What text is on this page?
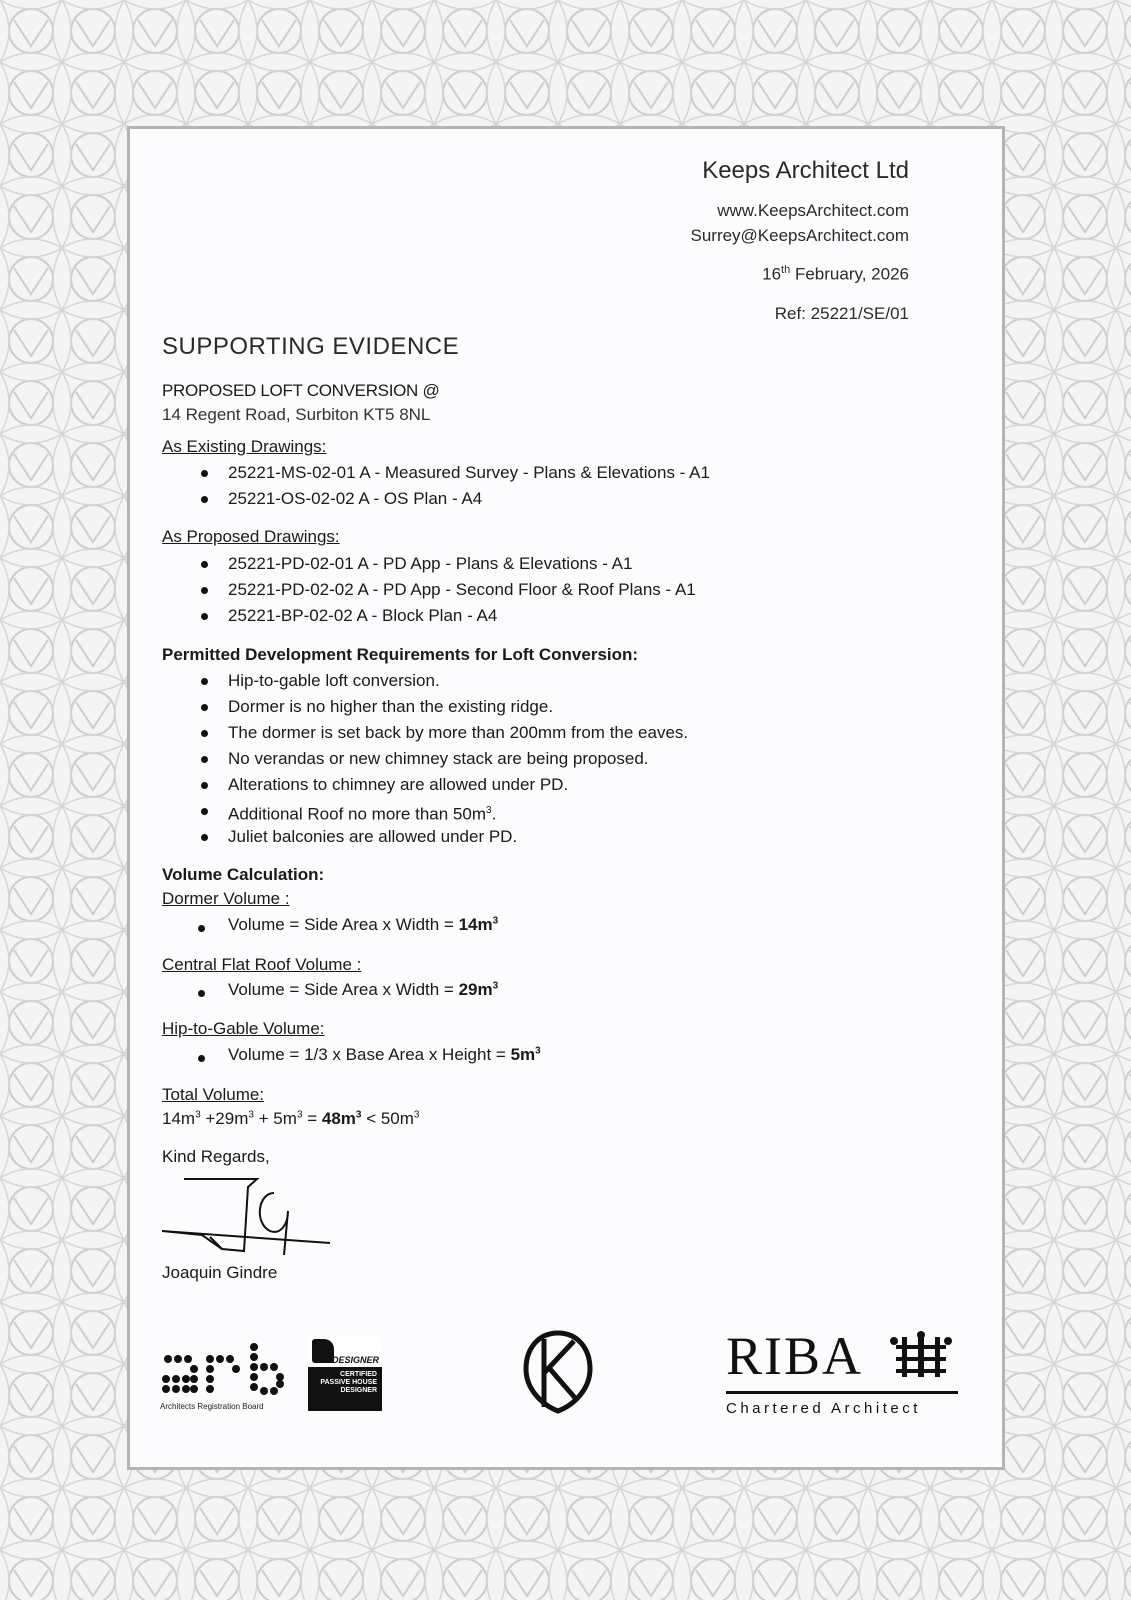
Keeps Architect Ltd

www.KeepsArchitect.com

Surrey@KeepsArchitect.com

16th February, 2026

Ref: 25221/SE/01

SUPPORTING EVIDENCE

PROPOSED LOFT CONVERSION @

14 Regent Road, Surbiton KT5 8NL

As Existing Drawings:

25221-MS-02-01 A - Measured Survey - Plans & Elevations - A1
25221-OS-02-02 A - OS Plan - A4

As Proposed Drawings:

25221-PD-02-01 A - PD App - Plans & Elevations - A1
25221-PD-02-02 A - PD App - Second Floor & Roof Plans - A1
25221-BP-02-02 A - Block Plan - A4

Permitted Development Requirements for Loft Conversion:

Hip-to-gable loft conversion.
Dormer is no higher than the existing ridge.
The dormer is set back by more than 200mm from the eaves.
No verandas or new chimney stack are being proposed.
Alterations to chimney are allowed under PD.
Additional Roof no more than $50m^3$.
Juliet balconies are allowed under PD.

Volume Calculation:

Dormer Volume :

Volume = Side Area x Width = $14m^3$

Central Flat Roof Volume :

Volume = Side Area x Width = $29m^3$

Hip-to-Gable Volume:

Volume = 1/3 x Base Area x Height = $5m^3$

Total Volume:

$14m^3 +29m^3 + 5m^3 = 48m^3 < 50m^3$

Kind Regards,

Joaquin Gindre

Architects Registration Board
DESIGNER
CERTIFIED
PASSIVE HOUSE
DESIGNER
RIBA
Chartered Architect
